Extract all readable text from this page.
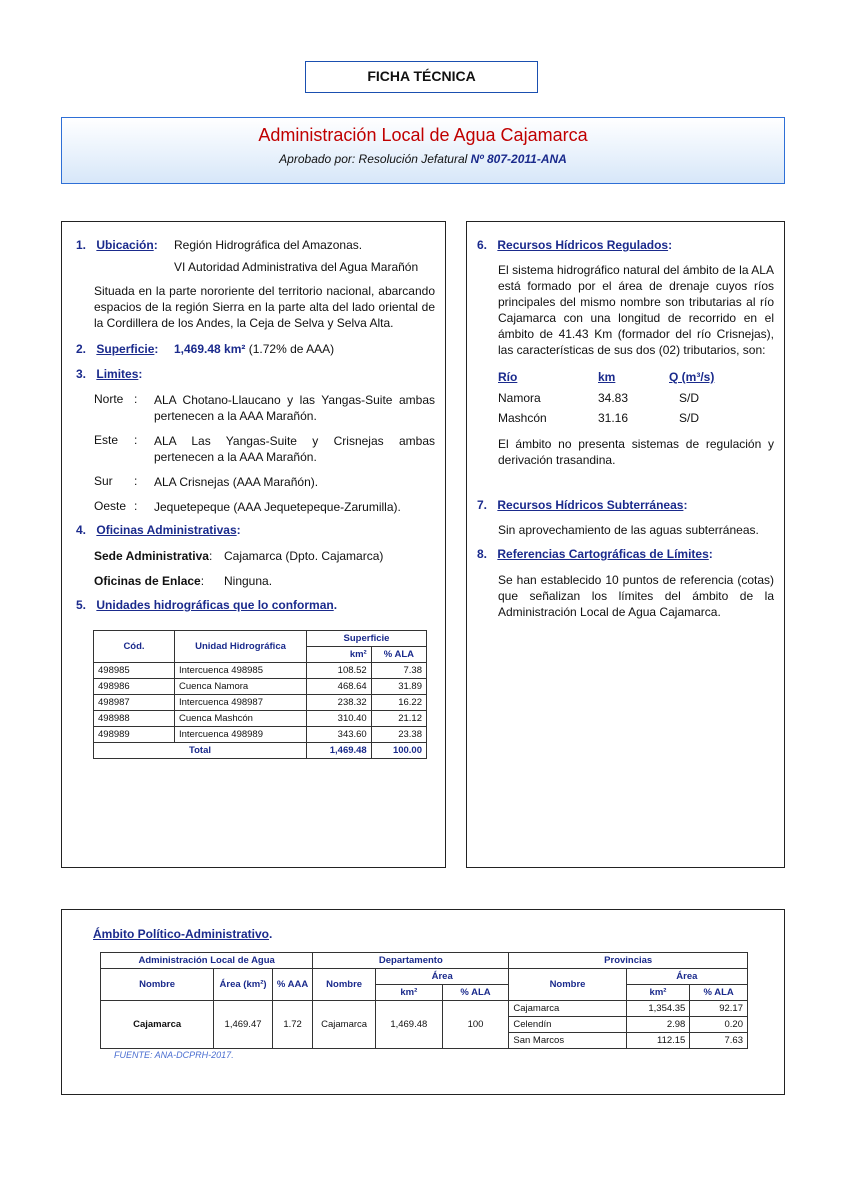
FICHA TÉCNICA
Administración Local de Agua Cajamarca
Aprobado por: Resolución Jefatural Nº 807-2011-ANA
1. Ubicación: Región Hidrográfica del Amazonas.
VI Autoridad Administrativa del Agua Marañón
Situada en la parte nororiente del territorio nacional, abarcando espacios de la región Sierra en la parte alta del lado oriental de la Cordillera de los Andes, la Ceja de Selva y Selva Alta.
2. Superficie: 1,469.48 km² (1.72% de AAA)
3. Limites:
Norte : ALA Chotano-Llaucano y las Yangas-Suite ambas pertenecen a la AAA Marañón.
Este : ALA Las Yangas-Suite y Crisnejas ambas pertenecen a la AAA Marañón.
Sur : ALA Crisnejas (AAA Marañón).
Oeste : Jequetepeque (AAA Jequetepeque-Zarumilla).
4. Oficinas Administrativas:
Sede Administrativa: Cajamarca (Dpto. Cajamarca)
Oficinas de Enlace: Ninguna.
5. Unidades hidrográficas que lo conforman.
Cód.	Unidad Hidrográfica	Superficie	
		km²	% ALA
498985	Intercuenca 498985	108.52	7.38
498986	Cuenca Namora	468.64	31.89
498987	Intercuenca 498987	238.32	16.22
498988	Cuenca Mashcón	310.40	21.12
498989	Intercuenca 498989	343.60	23.38
Total		1,469.48	100.00
6. Recursos Hídricos Regulados:
El sistema hidrográfico natural del ámbito de la ALA está formado por el área de drenaje cuyos ríos principales del mismo nombre son tributarias al río Cajamarca con una longitud de recorrido en el ámbito de 41.43 Km (formador del río Crisnejas), las características de sus dos (02) tributarios, son:
Río	km	Q (m³/s)
Namora	34.83	S/D
Mashcón	31.16	S/D
El ámbito no presenta sistemas de regulación y derivación trasandina.
7. Recursos Hídricos Subterráneas:
Sin aprovechamiento de las aguas subterráneas.
8. Referencias Cartográficas de Límites:
Se han establecido 10 puntos de referencia (cotas) que señalizan los límites del ámbito de la Administración Local de Agua Cajamarca.
Ámbito Político-Administrativo.
Administración Local de Agua			Departamento			Provincias		
Nombre	Área (km²)	% AAA	Nombre	Área		Nombre	Área	
				km²	% ALA		km²	% ALA
Cajamarca	1,469.47	1.72	Cajamarca	1,469.48	100	Cajamarca	1,354.35	92.17
						Celendín	2.98	0.20
						San Marcos	112.15	7.63
FUENTE: ANA-DCPRH-2017.
